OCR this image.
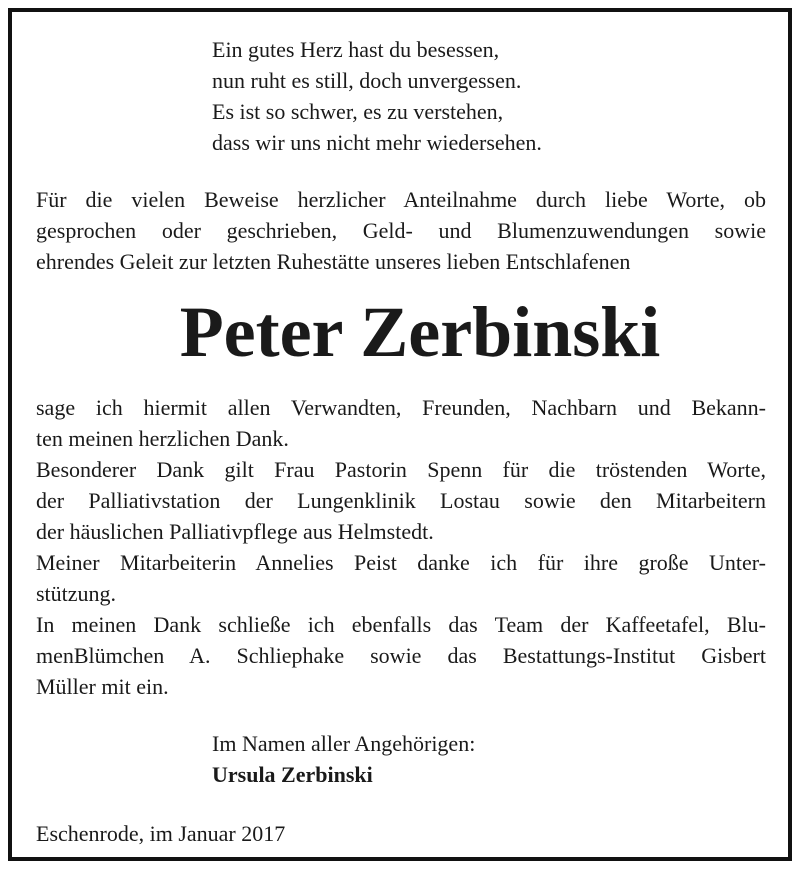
Ein gutes Herz hast du besessen,
nun ruht es still, doch unvergessen.
Es ist so schwer, es zu verstehen,
dass wir uns nicht mehr wiedersehen.
Für die vielen Beweise herzlicher Anteilnahme durch liebe Worte, ob
gesprochen oder geschrieben, Geld- und Blumenzuwendungen sowie
ehrendes Geleit zur letzten Ruhestätte unseres lieben Entschlafenen
Peter Zerbinski
sage ich hiermit allen Verwandten, Freunden, Nachbarn und Bekann-
ten meinen herzlichen Dank.
Besonderer Dank gilt Frau Pastorin Spenn für die tröstenden Worte,
der Palliativstation der Lungenklinik Lostau sowie den Mitarbeitern
der häuslichen Palliativpflege aus Helmstedt.
Meiner Mitarbeiterin Annelies Peist danke ich für ihre große Unter-
stützung.
In meinen Dank schließe ich ebenfalls das Team der Kaffeetafel, Blu-
menBlümchen A. Schliephake sowie das Bestattungs-Institut Gisbert
Müller mit ein.
Im Namen aller Angehörigen:
Ursula Zerbinski
Eschenrode, im Januar 2017
